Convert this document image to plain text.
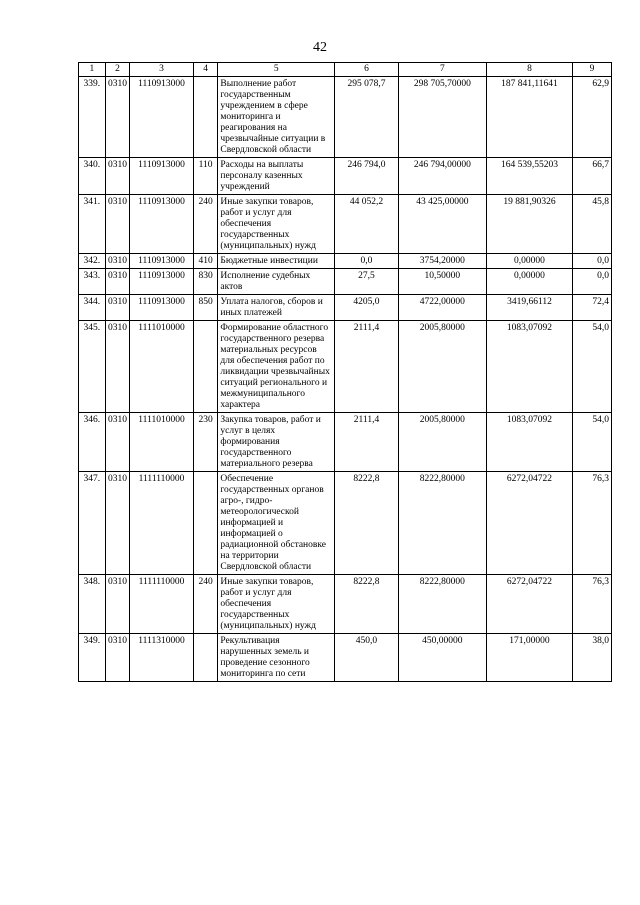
42
1	2	3	4	5	6	7	8	9
339.	0310	1110913000		Выполнение работ государственным учреждением в сфере мониторинга и реагирования на чрезвычайные ситуации в Свердловской области	295 078,7	298 705,70000	187 841,11641	62,9
340.	0310	1110913000	110	Расходы на выплаты персоналу казенных учреждений	246 794,0	246 794,00000	164 539,55203	66,7
341.	0310	1110913000	240	Иные закупки товаров, работ и услуг для обеспечения государственных (муниципальных) нужд	44 052,2	43 425,00000	19 881,90326	45,8
342.	0310	1110913000	410	Бюджетные инвестиции	0,0	3754,20000	0,00000	0,0
343.	0310	1110913000	830	Исполнение судебных актов	27,5	10,50000	0,00000	0,0
344.	0310	1110913000	850	Уплата налогов, сборов и иных платежей	4205,0	4722,00000	3419,66112	72,4
345.	0310	1111010000		Формирование областного государственного резерва материальных ресурсов для обеспечения работ по ликвидации чрезвычайных ситуаций регионального и межмуниципального характера	2111,4	2005,80000	1083,07092	54,0
346.	0310	1111010000	230	Закупка товаров, работ и услуг в целях формирования государственного материального резерва	2111,4	2005,80000	1083,07092	54,0
347.	0310	1111110000		Обеспечение государственных органов агро-, гидро-метеорологической информацией и информацией о радиационной обстановке на территории Свердловской области	8222,8	8222,80000	6272,04722	76,3
348.	0310	1111110000	240	Иные закупки товаров, работ и услуг для обеспечения государственных (муниципальных) нужд	8222,8	8222,80000	6272,04722	76,3
349.	0310	1111310000		Рекультивация нарушенных земель и проведение сезонного мониторинга по сети	450,0	450,00000	171,00000	38,0
